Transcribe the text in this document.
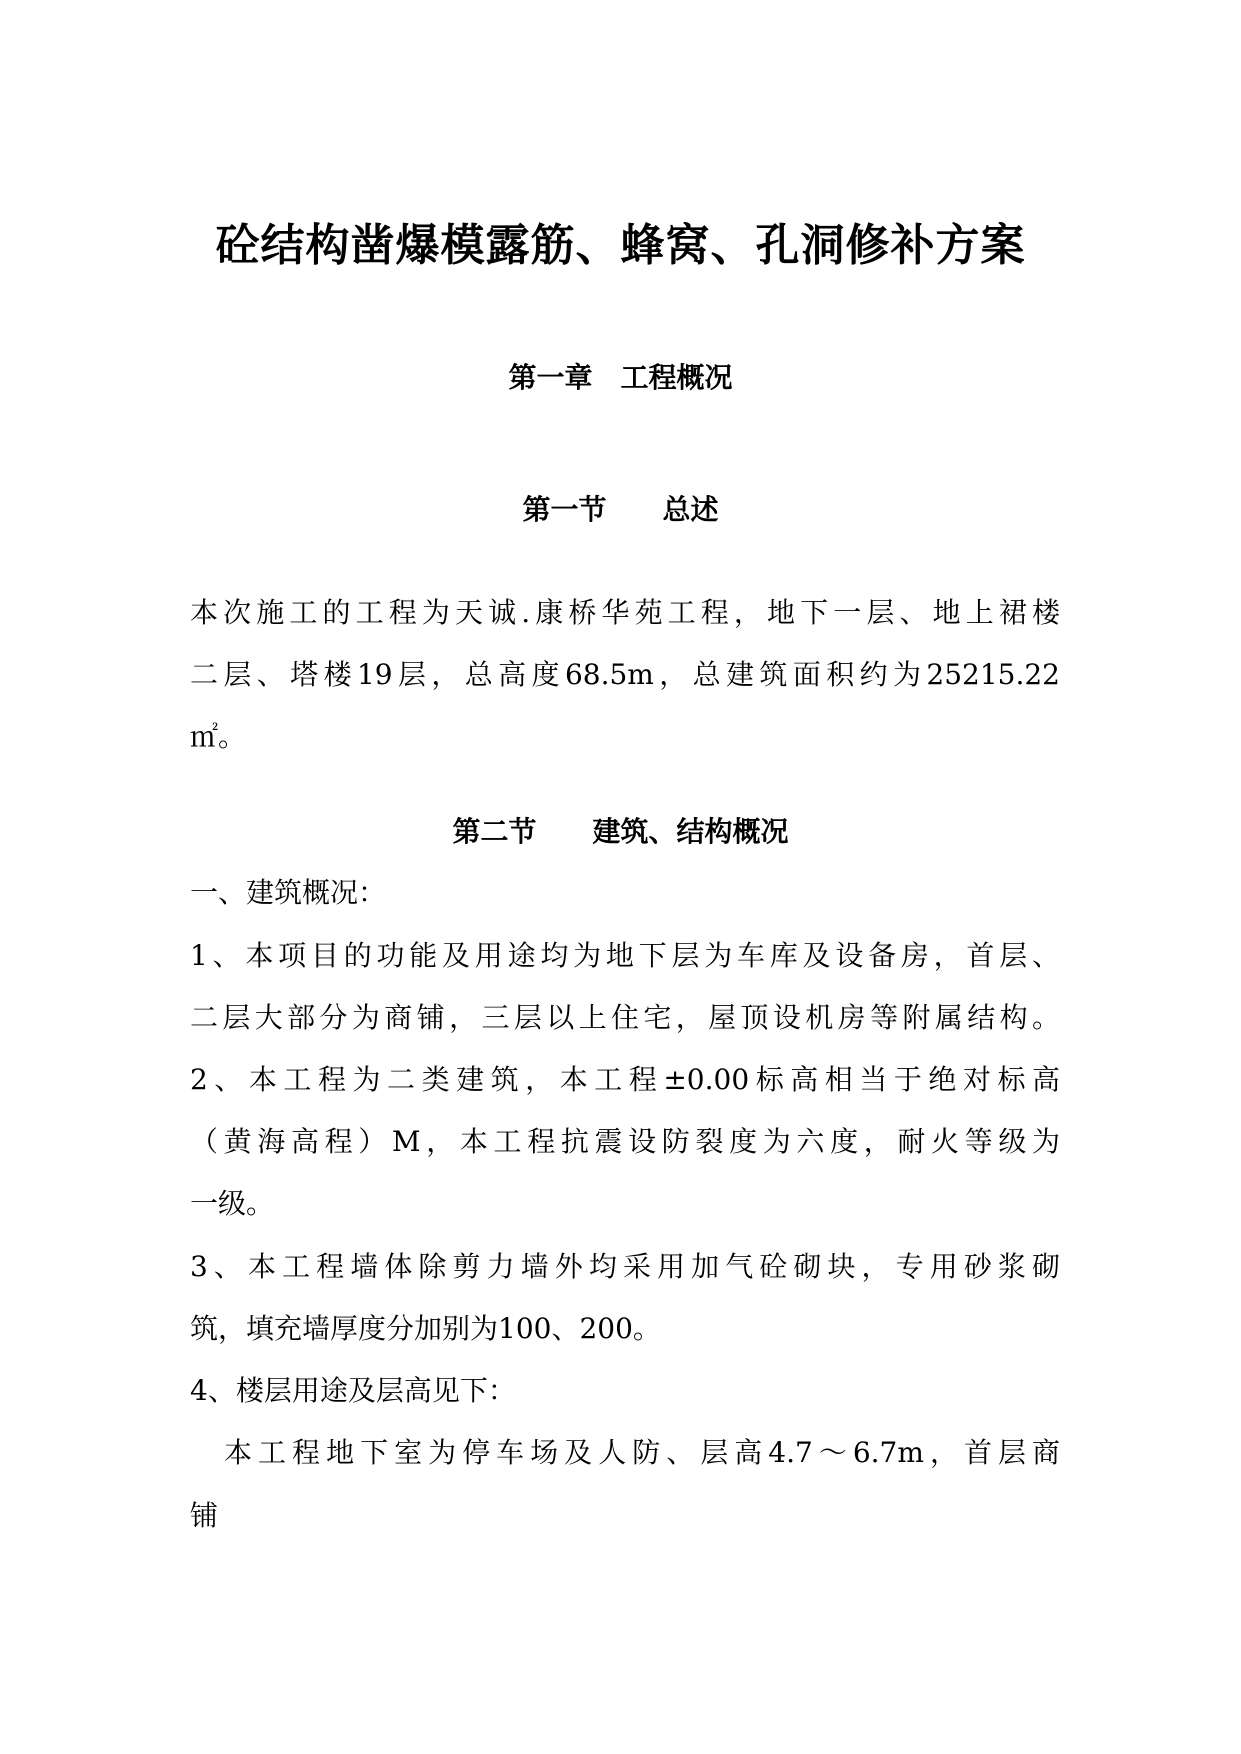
砼结构凿爆模露筋、蜂窝、孔洞修补方案
第一章　工程概况
第一节　　总述
本次施工的工程为天诚.康桥华苑工程，地下一层、地上裙楼
二层、塔楼19层，总高度68.5m，总建筑面积约为25215.22
㎡。
第二节　　建筑、结构概况
一、建筑概况：
1、本项目的功能及用途均为地下层为车库及设备房，首层、
二层大部分为商铺，三层以上住宅，屋顶设机房等附属结构。
2、本工程为二类建筑，本工程±0.00标高相当于绝对标高
（黄海高程）M，本工程抗震设防裂度为六度，耐火等级为
一级。
3、本工程墙体除剪力墙外均采用加气砼砌块，专用砂浆砌
筑，填充墙厚度分加别为100、200。
4、楼层用途及层高见下：
　本工程地下室为停车场及人防、层高4.7～6.7m，首层商
铺
